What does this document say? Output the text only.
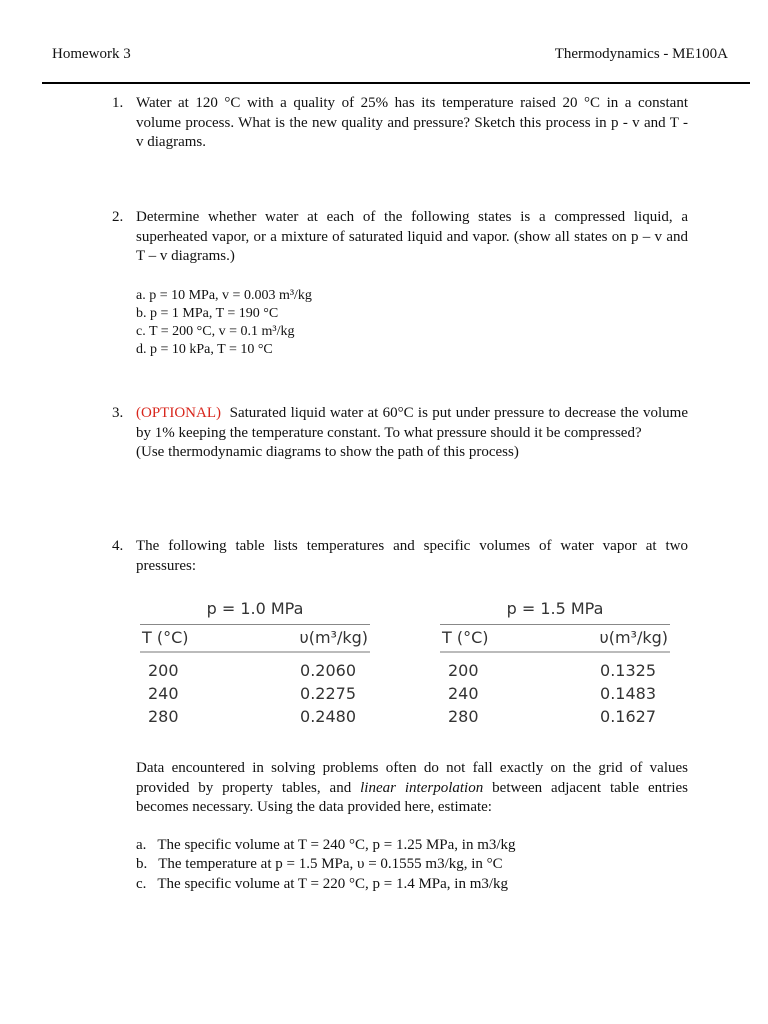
Homework 3	Thermodynamics - ME100A
1. Water at 120 °C with a quality of 25% has its temperature raised 20 °C in a constant volume process. What is the new quality and pressure? Sketch this process in p - v and T - v diagrams.
2. Determine whether water at each of the following states is a compressed liquid, a superheated vapor, or a mixture of saturated liquid and vapor. (show all states on p – v and T – v diagrams.)
a. p = 10 MPa, v = 0.003 m³/kg
b. p = 1 MPa, T = 190 °C
c. T = 200 °C, v = 0.1 m³/kg
d. p = 10 kPa, T = 10 °C
3. (OPTIONAL) Saturated liquid water at 60°C is put under pressure to decrease the volume by 1% keeping the temperature constant. To what pressure should it be compressed?
(Use thermodynamic diagrams to show the path of this process)
4. The following table lists temperatures and specific volumes of water vapor at two pressures:
p = 1.0 MPa
T (°C)	υ(m³/kg)
200	0.2060
240	0.2275
280	0.2480
p = 1.5 MPa
T (°C)	υ(m³/kg)
200	0.1325
240	0.1483
280	0.1627
Data encountered in solving problems often do not fall exactly on the grid of values provided by property tables, and linear interpolation between adjacent table entries becomes necessary. Using the data provided here, estimate:
a.   The specific volume at T = 240 °C, p = 1.25 MPa, in m3/kg
b.   The temperature at p = 1.5 MPa, υ = 0.1555 m3/kg, in °C
c.   The specific volume at T = 220 °C, p = 1.4 MPa, in m3/kg
